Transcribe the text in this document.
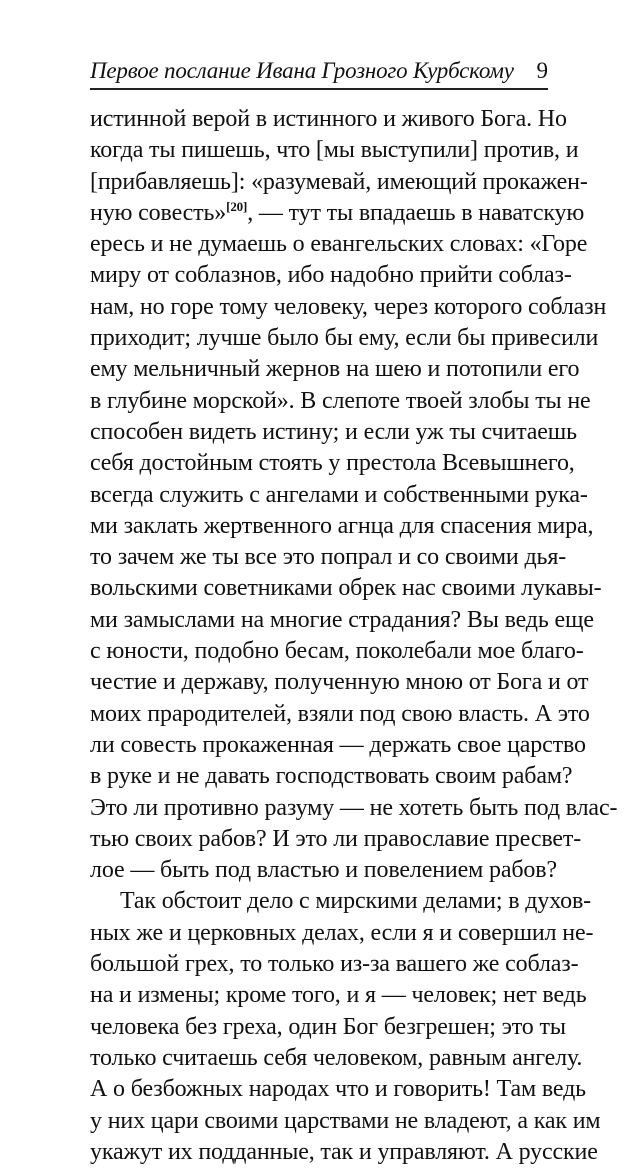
Первое послание Ивана Грозного Курбскому 9
истинной верой в истинного и живого Бога. Но
когда ты пишешь, что [мы выступили] против, и
[прибавляешь]: «разумевай, имеющий прокажен-
ную совесть»[20], — тут ты впадаешь в наватскую
ересь и не думаешь о евангельских словах: «Горе
миру от соблазнов, ибо надобно прийти соблаз-
нам, но горе тому человеку, через которого соблазн
приходит; лучше было бы ему, если бы привесили
ему мельничный жернов на шею и потопили его
в глубине морской». В слепоте твоей злобы ты не
способен видеть истину; и если уж ты считаешь
себя достойным стоять у престола Всевышнего,
всегда служить с ангелами и собственными рука-
ми заклать жертвенного агнца для спасения мира,
то зачем же ты все это попрал и со своими дья-
вольскими советниками обрек нас своими лукавы-
ми замыслами на многие страдания? Вы ведь еще
с юности, подобно бесам, поколебали мое благо-
честие и державу, полученную мною от Бога и от
моих прародителей, взяли под свою власть. А это
ли совесть прокаженная — держать свое царство
в руке и не давать господствовать своим рабам?
Это ли противно разуму — не хотеть быть под влас-
тью своих рабов? И это ли православие пресвет-
лое — быть под властью и повелением рабов?
Так обстоит дело с мирскими делами; в духов-
ных же и церковных делах, если я и совершил не-
большой грех, то только из-за вашего же соблаз-
на и измены; кроме того, и я — человек; нет ведь
человека без греха, один Бог безгрешен; это ты
только считаешь себя человеком, равным ангелу.
А о безбожных народах что и говорить! Там ведь
у них цари своими царствами не владеют, а как им
укажут их подданные, так и управляют. А русские
